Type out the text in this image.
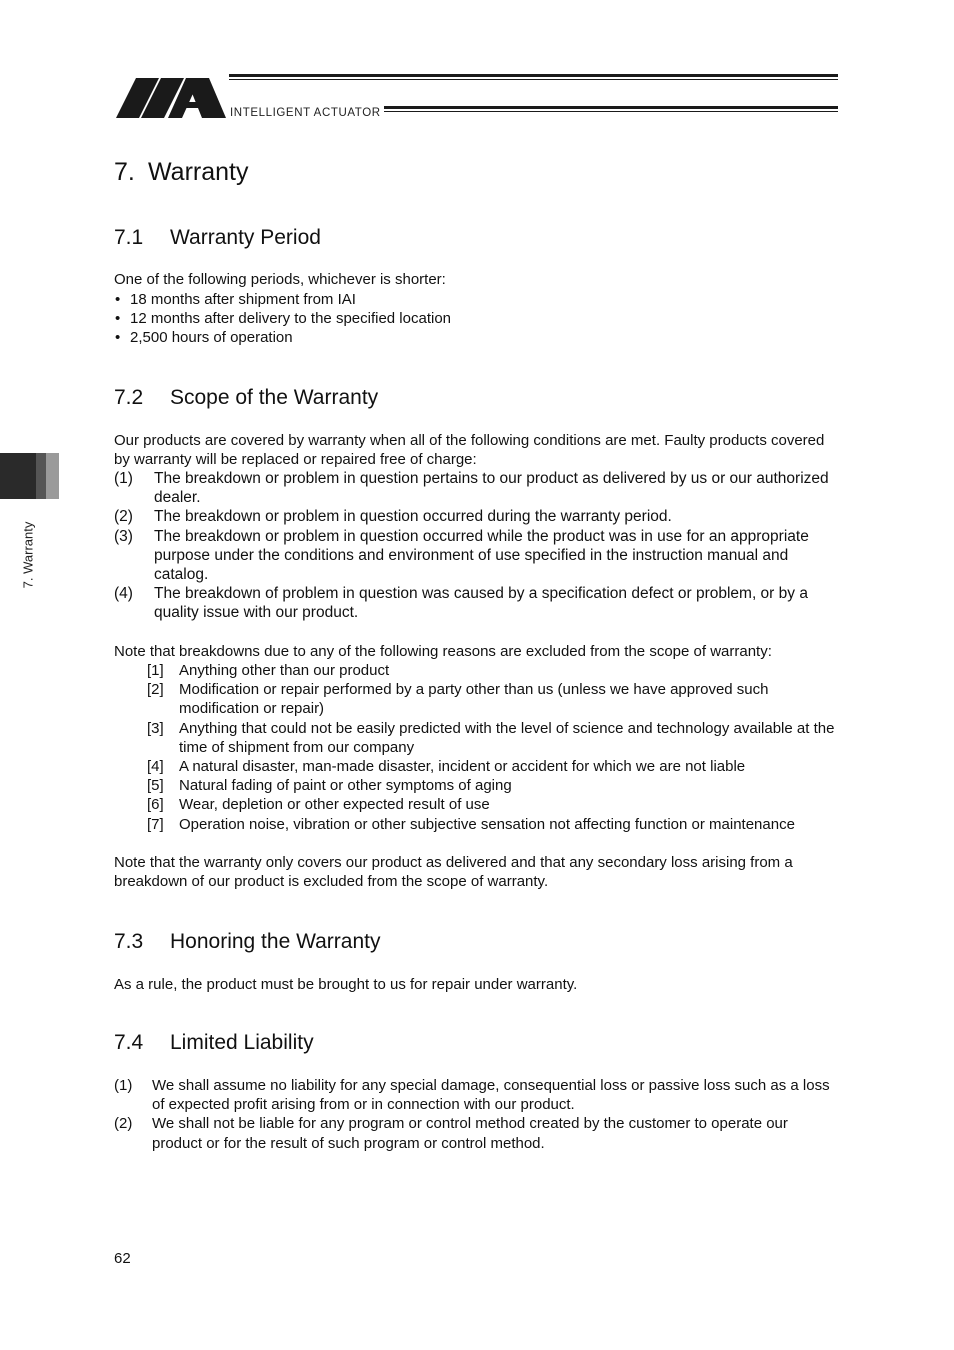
INTELLIGENT ACTUATOR
7. Warranty
7. Warranty
7.1 Warranty Period

One of the following periods, whichever is shorter:

• 18 months after shipment from IAI
• 12 months after delivery to the specified location
• 2,500 hours of operation
7.2 Scope of the Warranty

Our products are covered by warranty when all of the following conditions are met. Faulty products covered by warranty will be replaced or repaired free of charge:

(1) The breakdown or problem in question pertains to our product as delivered by us or our authorized dealer.
(2) The breakdown or problem in question occurred during the warranty period.
(3) The breakdown or problem in question occurred while the product was in use for an appropriate purpose under the conditions and environment of use specified in the instruction manual and catalog.
(4) The breakdown of problem in question was caused by a specification defect or problem, or by a quality issue with our product.

Note that breakdowns due to any of the following reasons are excluded from the scope of warranty:

[1] Anything other than our product
[2] Modification or repair performed by a party other than us (unless we have approved such modification or repair)
[3] Anything that could not be easily predicted with the level of science and technology available at the time of shipment from our company
[4] A natural disaster, man-made disaster, incident or accident for which we are not liable
[5] Natural fading of paint or other symptoms of aging
[6] Wear, depletion or other expected result of use
[7] Operation noise, vibration or other subjective sensation not affecting function or maintenance

Note that the warranty only covers our product as delivered and that any secondary loss arising from a breakdown of our product is excluded from the scope of warranty.

7.3 Honoring the Warranty

As a rule, the product must be brought to us for repair under warranty.

7.4 Limited Liability
(1) We shall assume no liability for any special damage, consequential loss or passive loss such as a loss of expected profit arising from or in connection with our product.
(2) We shall not be liable for any program or control method created by the customer to operate our product or for the result of such program or control method.
62
